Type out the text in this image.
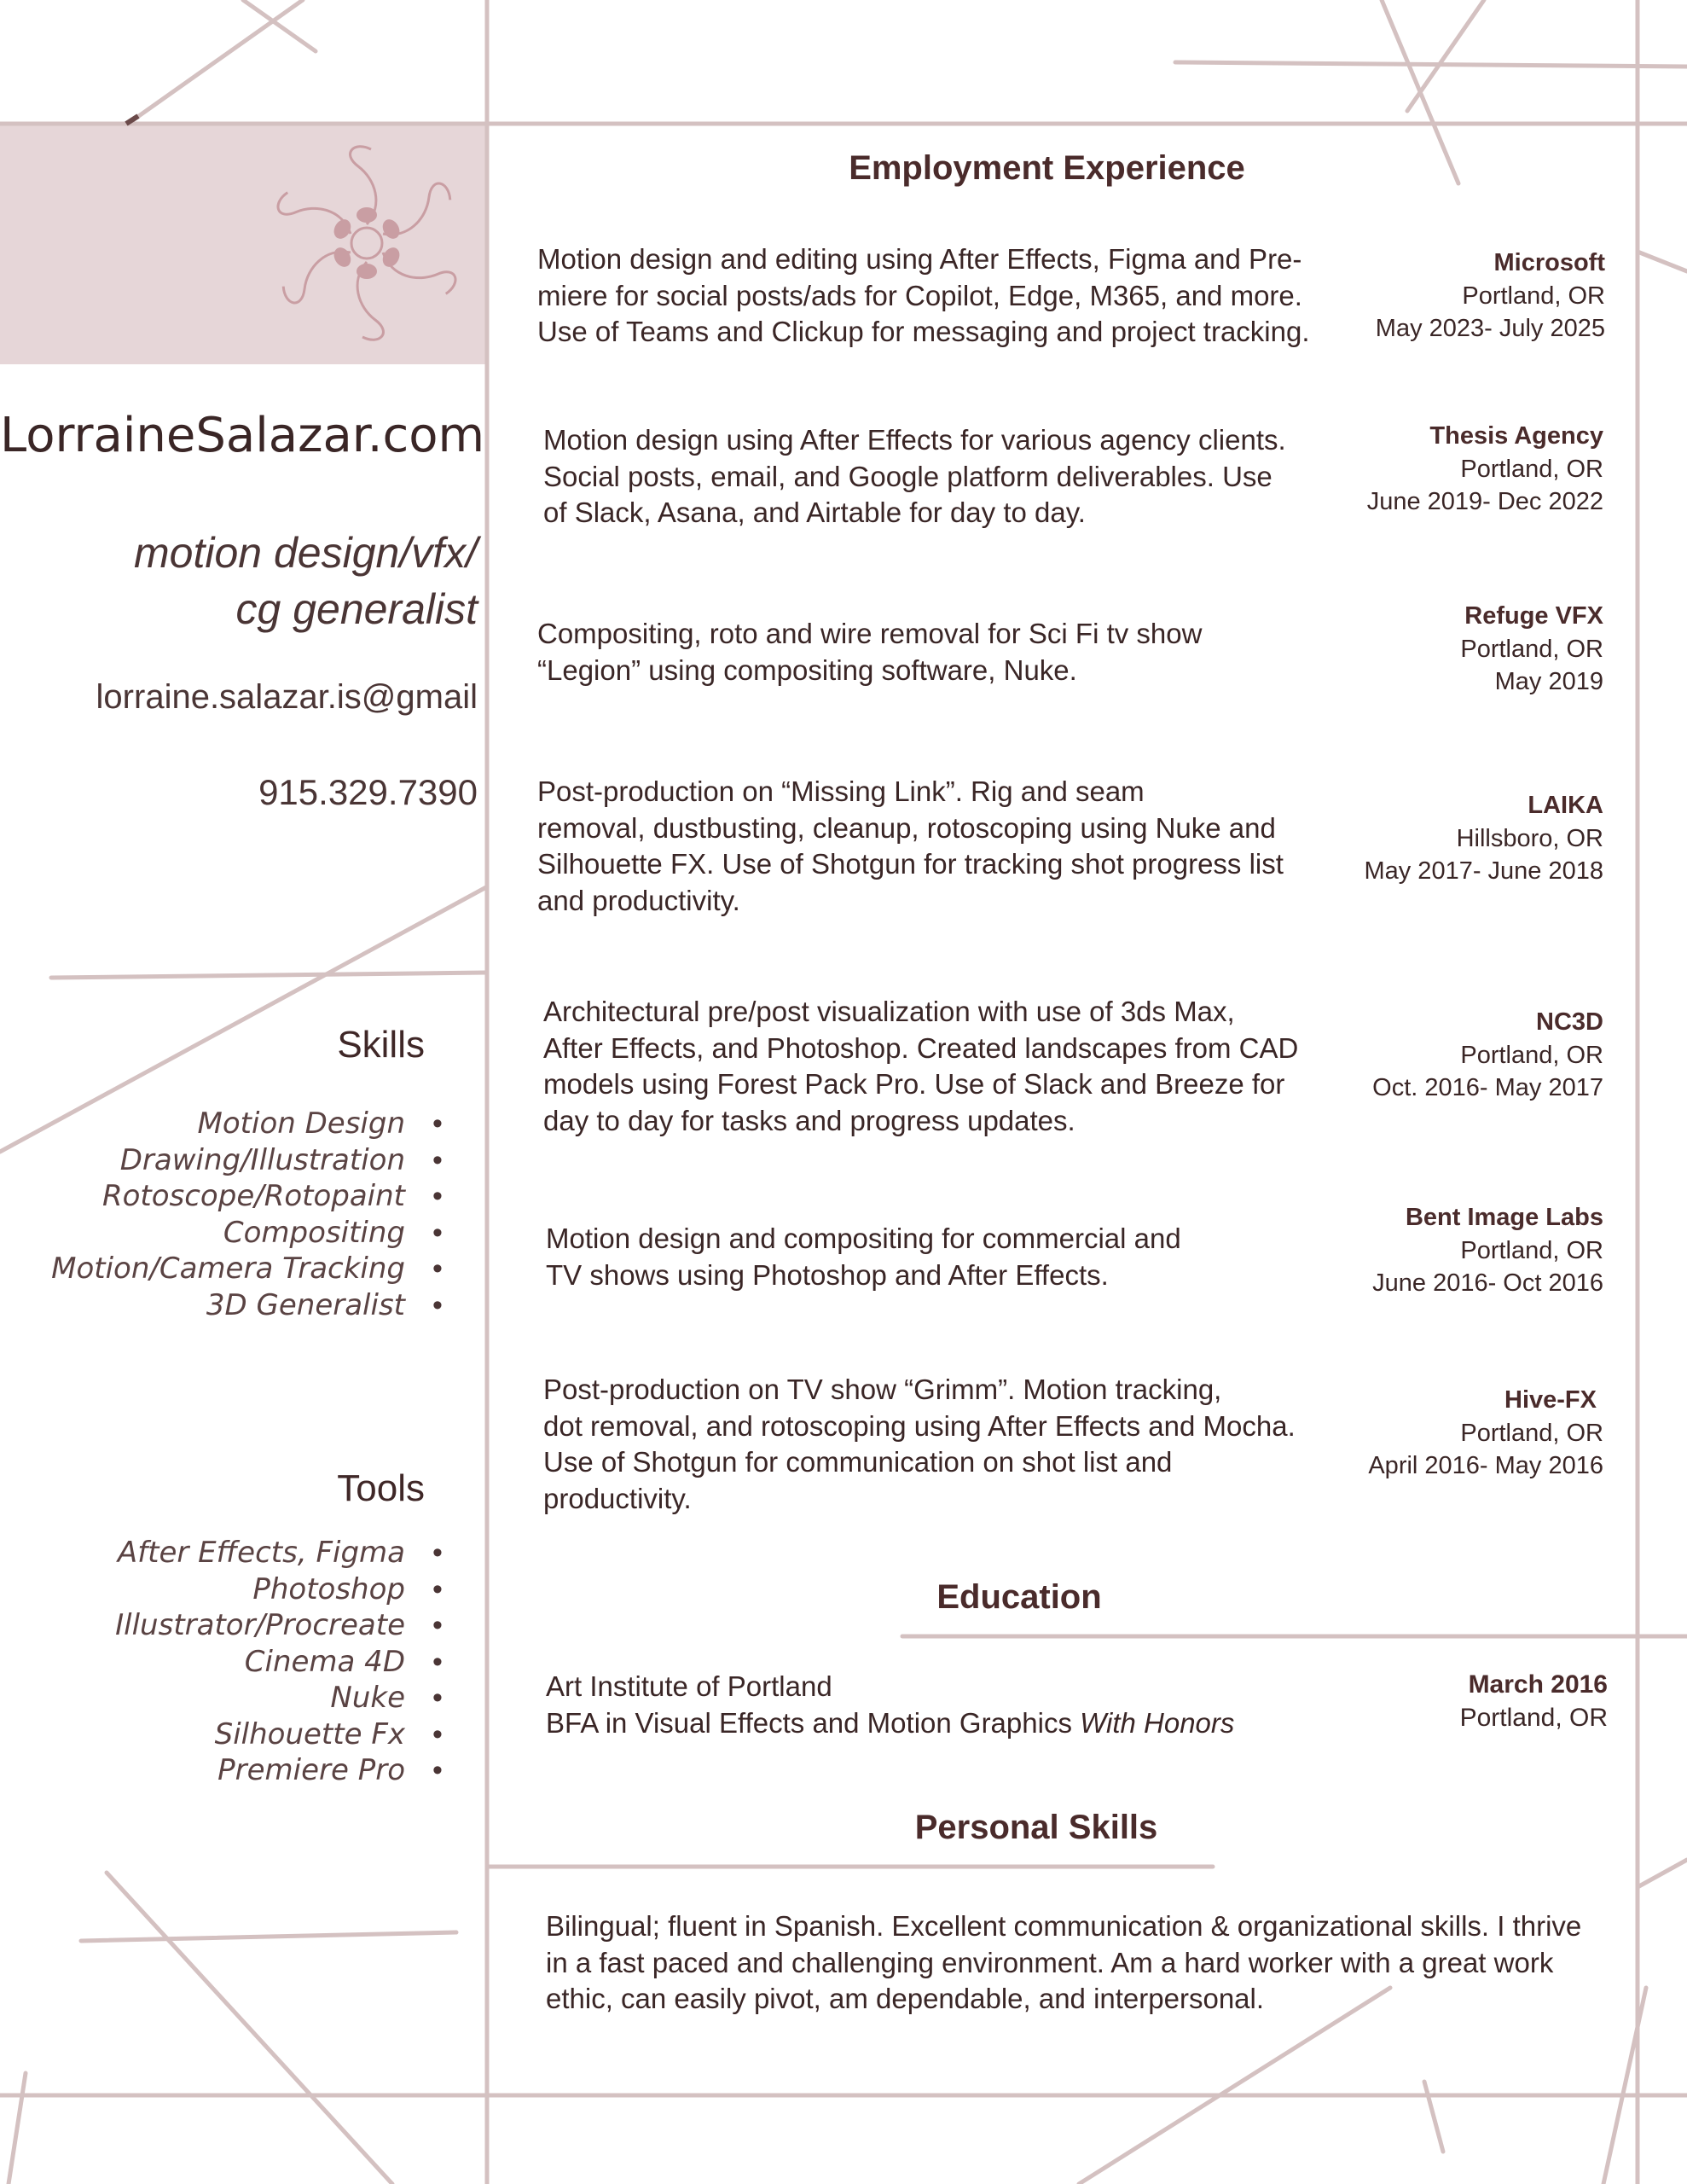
LorraineSalazar.com
motion design/vfx/
cg generalist
lorraine.salazar.is@gmail
915.329.7390
Skills
Motion Design •
Drawing/Illustration •
Rotoscope/Rotopaint •
Compositing •
Motion/Camera Tracking •
3D Generalist •
Tools
After Effects, Figma •
Photoshop •
Illustrator/Procreate •
Cinema 4D •
Nuke •
Silhouette Fx •
Premiere Pro •
Employment Experience
Motion design and editing using After Effects, Figma and Pre-
miere for social posts/ads for Copilot, Edge, M365, and more.
Use of Teams and Clickup for messaging and project tracking.
Microsoft
Portland, OR
May 2023- July 2025
Motion design using After Effects for various agency clients.
Social posts, email, and Google platform deliverables. Use
of Slack, Asana, and Airtable for day to day.
Thesis Agency
Portland, OR
June 2019- Dec 2022
Compositing, roto and wire removal for Sci Fi tv show
“Legion” using compositing software, Nuke.
Refuge VFX
Portland, OR
May 2019
Post-production on “Missing Link”. Rig and seam
removal, dustbusting, cleanup, rotoscoping using Nuke and
Silhouette FX. Use of Shotgun for tracking shot progress list
and productivity.
LAIKA
Hillsboro, OR
May 2017- June 2018
Architectural pre/post visualization with use of 3ds Max,
After Effects, and Photoshop. Created landscapes from CAD
models using Forest Pack Pro. Use of Slack and Breeze for
day to day for tasks and progress updates.
NC3D
Portland, OR
Oct. 2016- May 2017
Motion design and compositing for commercial and
TV shows using Photoshop and After Effects.
Bent Image Labs
Portland, OR
June 2016- Oct 2016
Post-production on TV show “Grimm”. Motion tracking,
dot removal, and rotoscoping using After Effects and Mocha.
Use of Shotgun for communication on shot list and
productivity.
Hive-FX
Portland, OR
April 2016- May 2016
Education
Art Institute of Portland
BFA in Visual Effects and Motion Graphics With Honors
March 2016
Portland, OR
Personal Skills
Bilingual; fluent in Spanish. Excellent communication & organizational skills. I thrive
in a fast paced and challenging environment. Am a hard worker with a great work
ethic, can easily pivot, am dependable, and interpersonal.
